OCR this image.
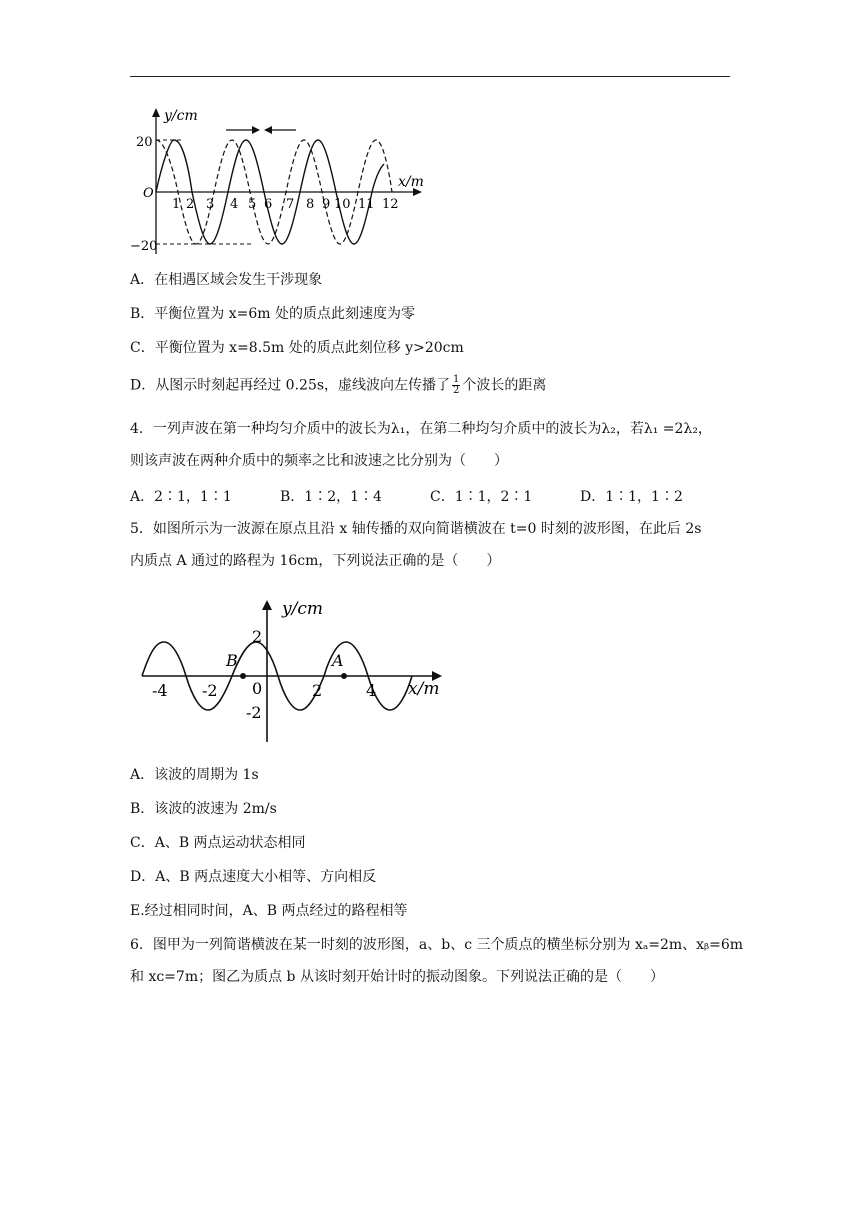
y/cm
x/m
20
−20
O
1 2 3 4 5 6 7 8 9 10 11 12
A．在相遇区域会发生干涉现象
B．平衡位置为 x=6m 处的质点此刻速度为零
C．平衡位置为 x=8.5m 处的质点此刻位移 y>20cm
D．从图示时刻起再经过 0.25s，虚线波向左传播了 $\frac{1}{2}$ 个波长的距离
4．一列声波在第一种均匀介质中的波长为λ₁，在第二种均匀介质中的波长为λ₂，若λ₁ =2λ₂，
则该声波在两种介质中的频率之比和波速之比分别为（　　）
A．2∶1，1∶1	B．1∶2，1∶4	C．1∶1，2∶1	D．1∶1，1∶2
5．如图所示为一波源在原点且沿 x 轴传播的双向简谐横波在 t=0 时刻的波形图，在此后 2s
内质点 A 通过的路程为 16cm，下列说法正确的是（　　）
y/cm
x/m
2
-2
0
B	A
-4 -2	2	4
A．该波的周期为 1s
B．该波的波速为 2m/s
C．A、B 两点运动状态相同
D．A、B 两点速度大小相等、方向相反
E.经过相同时间，A、B 两点经过的路程相等
6．图甲为一列简谐横波在某一时刻的波形图，a、b、c 三个质点的横坐标分别为 xₐ=2m、xᵦ=6m
和 xᴄ=7m；图乙为质点 b 从该时刻开始计时的振动图象。下列说法正确的是（　　）
